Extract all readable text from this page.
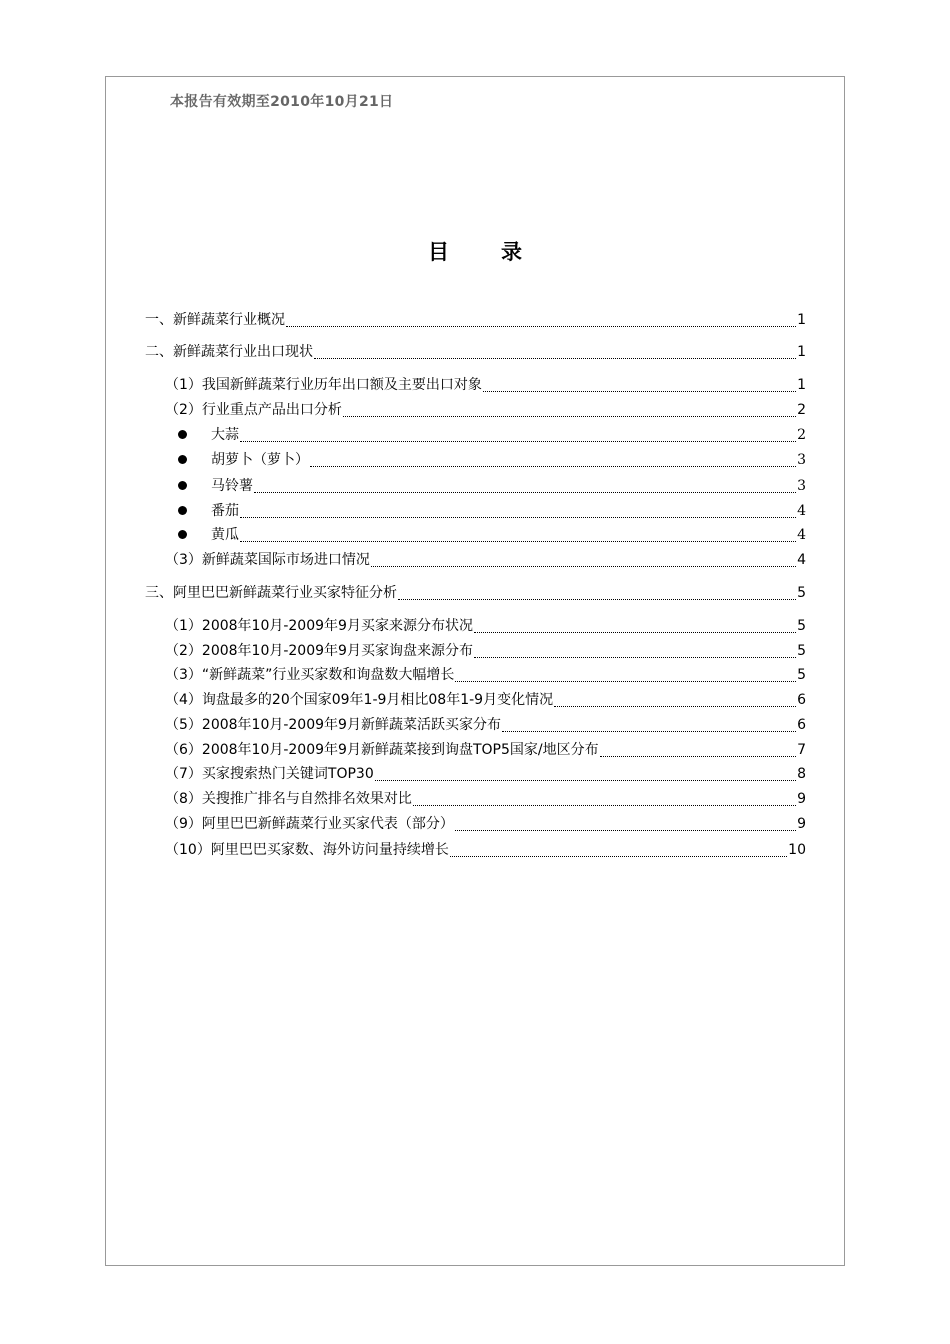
本报告有效期至2010年10月21日
目 录
一、新鲜蔬菜行业概况	1
二、新鲜蔬菜行业出口现状	1
（1）我国新鲜蔬菜行业历年出口额及主要出口对象	1
（2）行业重点产品出口分析	2
大蒜	2
胡萝卜（萝卜）	3
马铃薯	3
番茄	4
黄瓜	4
（3）新鲜蔬菜国际市场进口情况	4
三、阿里巴巴新鲜蔬菜行业买家特征分析	5
（1）2008年10月-2009年9月买家来源分布状况	5
（2）2008年10月-2009年9月买家询盘来源分布	5
（3）“新鲜蔬菜”行业买家数和询盘数大幅增长	5
（4）询盘最多的20个国家09年1-9月相比08年1-9月变化情况	6
（5）2008年10月-2009年9月新鲜蔬菜活跃买家分布	6
（6）2008年10月-2009年9月新鲜蔬菜接到询盘TOP5国家/地区分布	7
（7）买家搜索热门关键词TOP30	8
（8）关搜推广排名与自然排名效果对比	9
（9）阿里巴巴新鲜蔬菜行业买家代表（部分）	9
（10）阿里巴巴买家数、海外访问量持续增长	10
